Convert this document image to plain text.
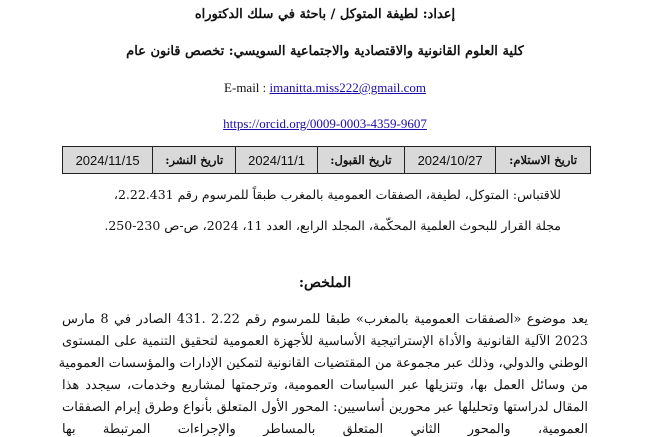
إعداد: لطيفة المتوكل / باحثة في سلك الدكتوراه
كلية العلوم القانونية والاقتصادية والاجتماعية السويسي: تخصص قانون عام
E-mail : imanitta.miss222@gmail.com
https://orcid.org/0009-0003-4359-9607
تاريخ الاستلام:	2024/10/27	تاريخ القبول:	2024/11/1	تاريخ النشر:	2024/11/15
للاقتباس: المتوكل، لطيفة، الصفقات العمومية بالمغرب طبقاً للمرسوم رقم 2.22.431،
مجلة القرار للبحوث العلمية المحكّمة، المجلد الرابع، العدد 11، 2024، ص-ص 230-250.
الملخص:
يعد موضوع «الصفقات العمومية بالمغرب» طبقا للمرسوم رقم 2.22 .431 الصادر في 8 مارس
2023 الآلية القانونية والأداة الإستراتيجية الأساسية للأجهزة العمومية لتحقيق التنمية على المستوى
الوطني والدولي، وذلك عبر مجموعة من المقتضيات القانونية لتمكين الإدارات والمؤسسات العمومية
من وسائل العمل بها، وتنزيلها عبر السياسات العمومية، وترجمتها لمشاريع وخدمات، سيجدد هذا
المقال لدراستها وتحليلها عبر محورين أساسيين: المحور الأول المتعلق بأنواع وطرق إبرام الصفقات
العمومية، والمحور الثاني المتعلق بالمساطر والإجراءات المرتبطة بها
